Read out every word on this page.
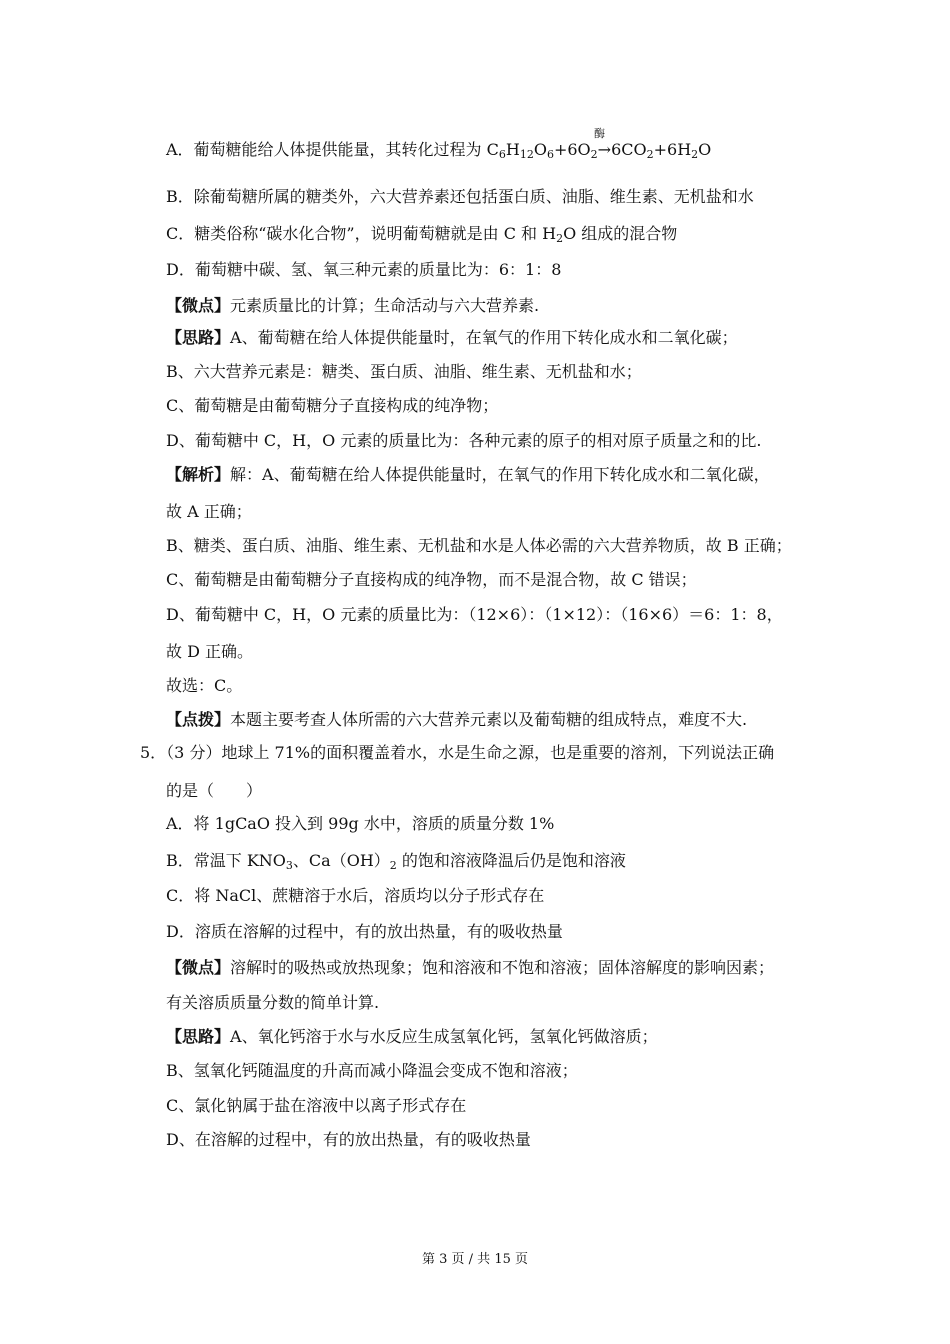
酶
A．葡萄糖能给人体提供能量，其转化过程为 $C_6H_{12}O_6+6O_2\to 6CO_2+6H_2O$
B．除葡萄糖所属的糖类外，六大营养素还包括蛋白质、油脂、维生素、无机盐和水
C．糖类俗称“碳水化合物”，说明葡萄糖就是由 C 和 $H_2O$ 组成的混合物
D．葡萄糖中碳、氢、氧三种元素的质量比为：6：1：8
【微点】元素质量比的计算；生命活动与六大营养素.
【思路】A、葡萄糖在给人体提供能量时，在氧气的作用下转化成水和二氧化碳；
B、六大营养元素是：糖类、蛋白质、油脂、维生素、无机盐和水；
C、葡萄糖是由葡萄糖分子直接构成的纯净物；
D、葡萄糖中 C，H，O 元素的质量比为：各种元素的原子的相对原子质量之和的比.
【解析】解：A、葡萄糖在给人体提供能量时，在氧气的作用下转化成水和二氧化碳，
故 A 正确；
B、糖类、蛋白质、油脂、维生素、无机盐和水是人体必需的六大营养物质，故 B 正确；
C、葡萄糖是由葡萄糖分子直接构成的纯净物，而不是混合物，故 C 错误；
D、葡萄糖中 C，H，O 元素的质量比为：（12×6）：（1×12）：（16×6）＝6：1：8，
故 D 正确。
故选：C。
【点拨】本题主要考查人体所需的六大营养元素以及葡萄糖的组成特点，难度不大.
5．（3 分）地球上 71%的面积覆盖着水，水是生命之源，也是重要的溶剂，下列说法正确
的是（　　）
A．将 1gCaO 投入到 99g 水中，溶质的质量分数 1%
B．常温下 $KNO_3$、$Ca(OH)_2$ 的饱和溶液降温后仍是饱和溶液
C．将 NaCl、蔗糖溶于水后，溶质均以分子形式存在
D．溶质在溶解的过程中，有的放出热量，有的吸收热量
【微点】溶解时的吸热或放热现象；饱和溶液和不饱和溶液；固体溶解度的影响因素；
有关溶质质量分数的简单计算.
【思路】A、氧化钙溶于水与水反应生成氢氧化钙，氢氧化钙做溶质；
B、氢氧化钙随温度的升高而减小降温会变成不饱和溶液；
C、氯化钠属于盐在溶液中以离子形式存在
D、在溶解的过程中，有的放出热量，有的吸收热量
第 3 页 / 共 15 页
